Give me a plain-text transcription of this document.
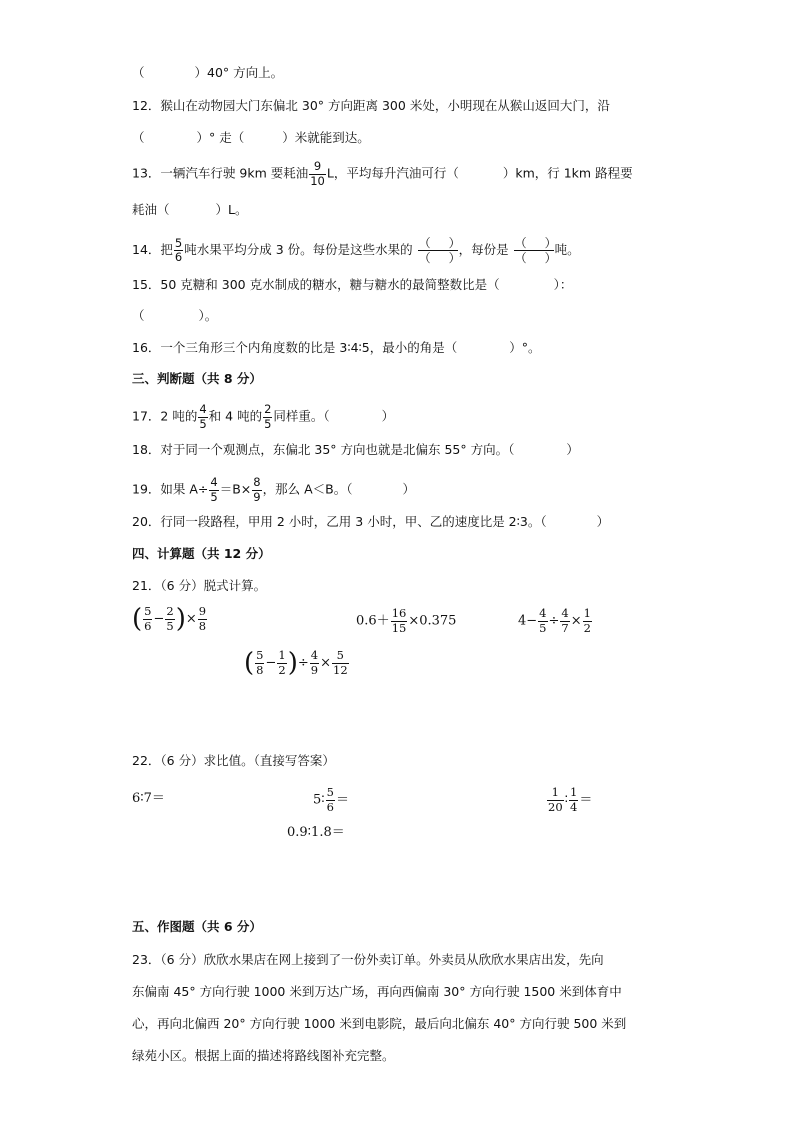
（	）40° 方向上。
12．猴山在动物园大门东偏北 30° 方向距离 300 米处，小明现在从猴山返回大门，沿
（	）° 走（	）米就能到达。
13．一辆汽车行驶 9km 要耗油 $\frac{9}{10}$ L，平均每升汽油可行（	）km，行 1km 路程要
耗油（	）L。
14．把 $\frac{5}{6}$ 吨水果平均分成 3 份。每份是这些水果的 $\frac{( )}{( )}$ ，每份是 $\frac{( )}{( )}$ 吨。
15．50 克糖和 300 克水制成的糖水，糖与糖水的最简整数比是（	）：
（	）。
16．一个三角形三个内角度数的比是 3∶4∶5，最小的角是（	）°。
三、判断题（共 8 分）
17．2 吨的 $\frac{4}{5}$ 和 4 吨的 $\frac{2}{5}$ 同样重。（	）
18．对于同一个观测点，东偏北 35° 方向也就是北偏东 55° 方向。（	）
19．如果 $A\div \frac{4}{5} =B\times \frac{8}{9}$ ，那么 A＜B。（	）
20．行同一段路程，甲用 2 小时，乙用 3 小时，甲、乙的速度比是 2∶3。（	）
四、计算题（共 12 分）
21．（6 分）脱式计算。
( $\frac{5}{6} - \frac{2}{5}$ )× $\frac{9}{8}$	$0.6+ \frac{16}{15} \times 0.375$	$4- \frac{4}{5} \div \frac{4}{7} \times \frac{1}{2}$
( $\frac{5}{8} - \frac{1}{2}$ )÷ $\frac{4}{9} \times \frac{5}{12}$
22．（6 分）求比值。（直接写答案）
6∶7＝	5∶ $\frac{5}{6}$ ＝	$\frac{1}{20}$ ∶ $\frac{1}{4}$ ＝
0.9∶1.8＝
五、作图题（共 6 分）
23．（6 分）欣欣水果店在网上接到了一份外卖订单。外卖员从欣欣水果店出发，先向
东偏南 45° 方向行驶 1000 米到万达广场，再向西偏南 30° 方向行驶 1500 米到体育中
心，再向北偏西 20° 方向行驶 1000 米到电影院，最后向北偏东 40° 方向行驶 500 米到
绿苑小区。根据上面的描述将路线图补充完整。
